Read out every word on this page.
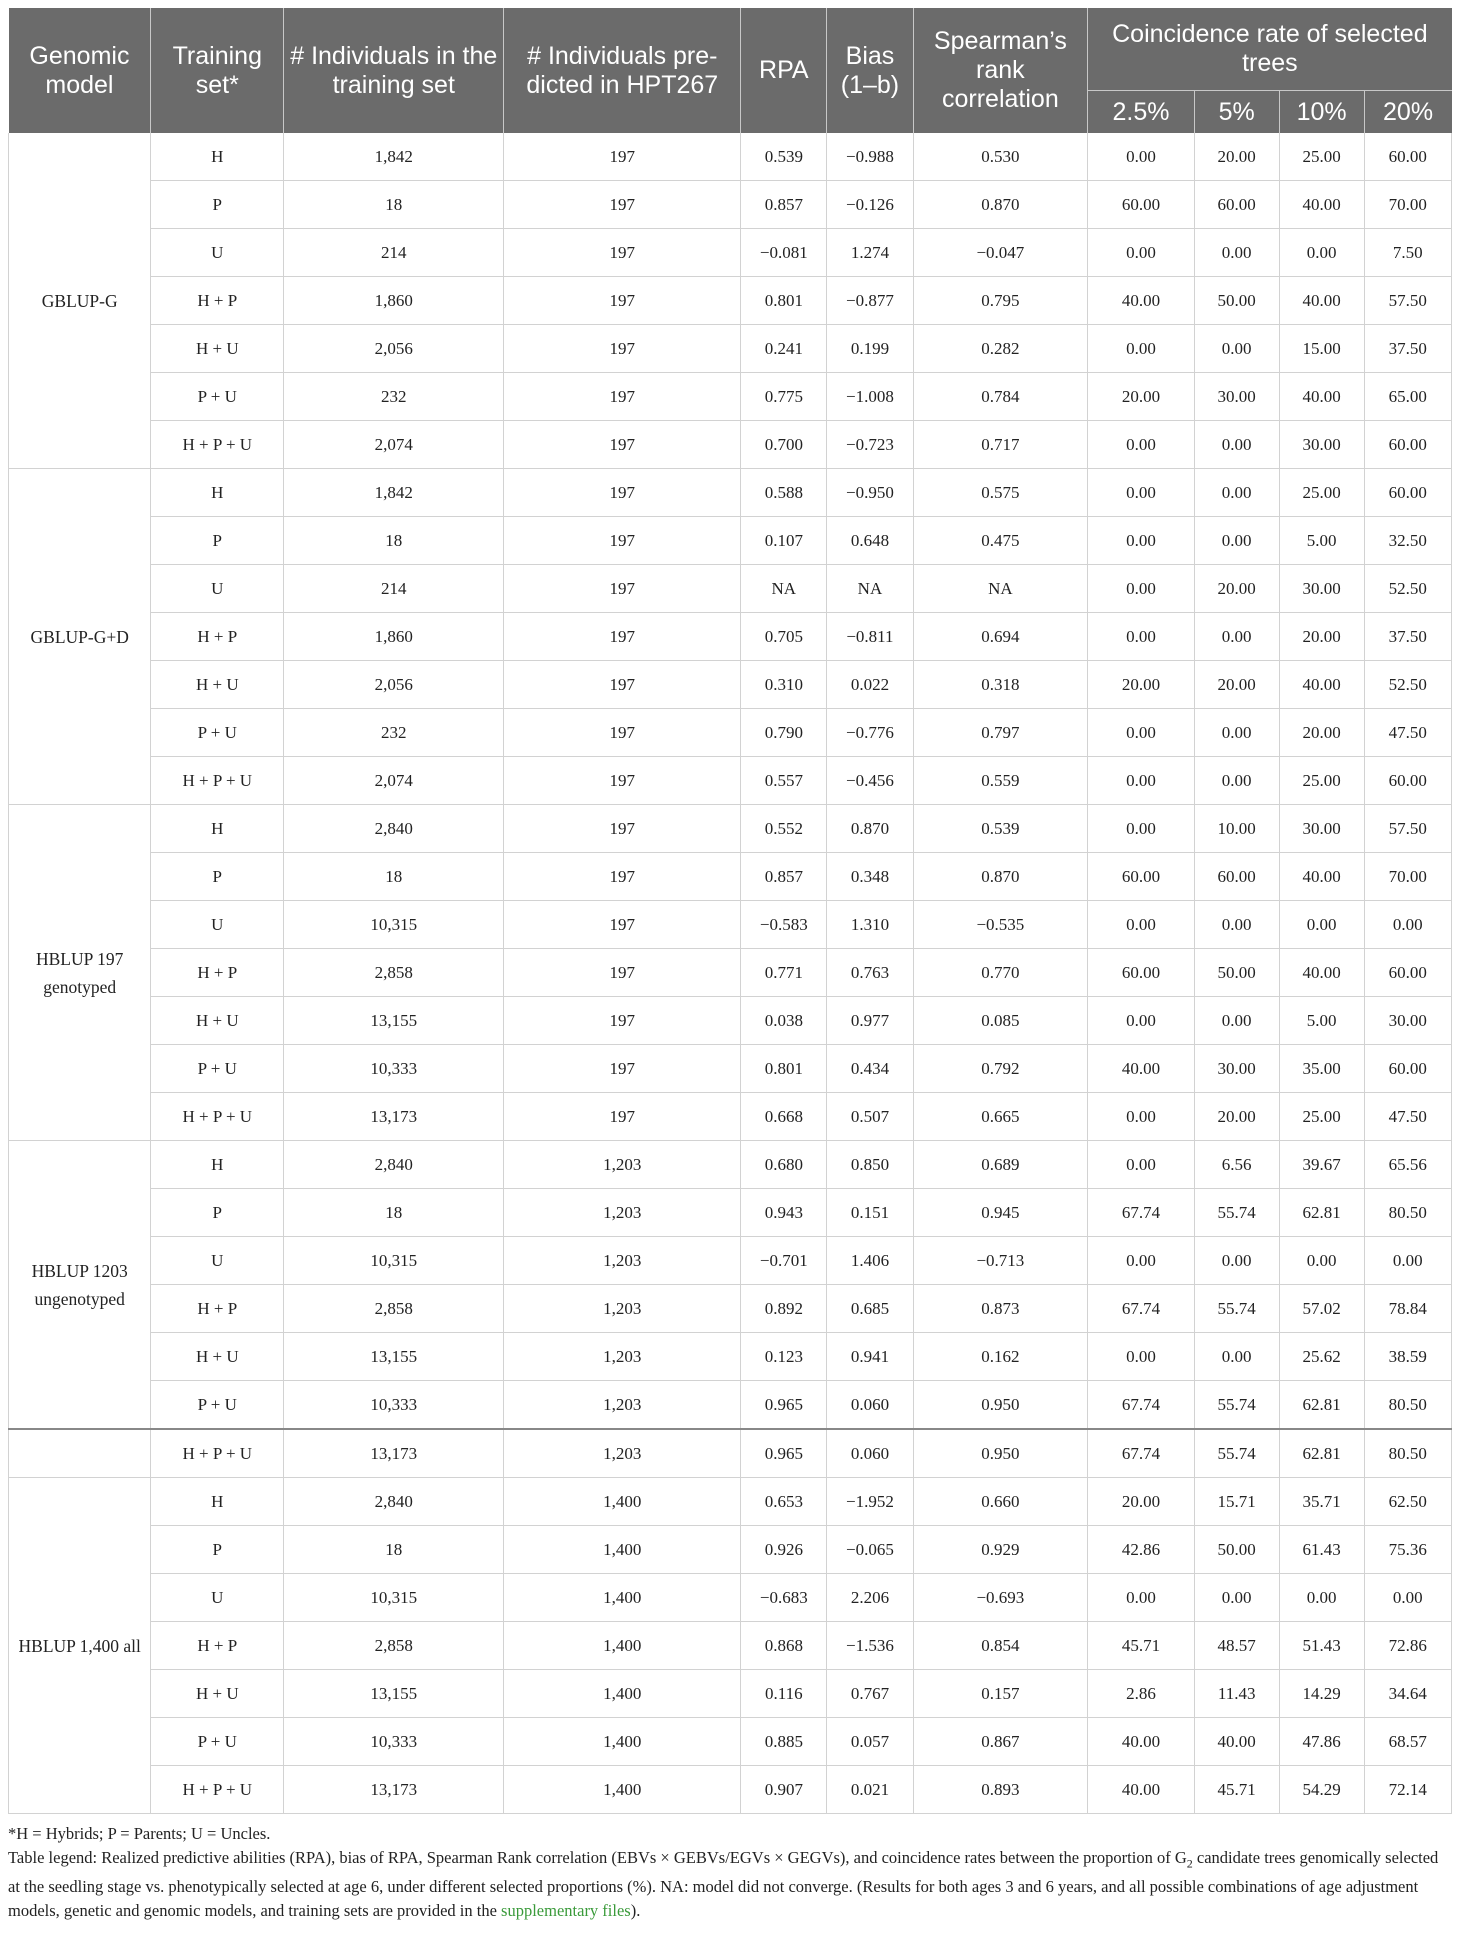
Genomic model	Training set*	# Individuals in the training set	# Individuals pre-dicted in HPT267	RPA	Bias (1–b)	Spearman’s rank correlation	Coincidence rate of selected trees			
							2.5%	5%	10%	20%
GBLUP-G	H	1,842	197	0.539	−0.988	0.530	0.00	20.00	25.00	60.00
	P	18	197	0.857	−0.126	0.870	60.00	60.00	40.00	70.00
	U	214	197	−0.081	1.274	−0.047	0.00	0.00	0.00	7.50
	H + P	1,860	197	0.801	−0.877	0.795	40.00	50.00	40.00	57.50
	H + U	2,056	197	0.241	0.199	0.282	0.00	0.00	15.00	37.50
	P + U	232	197	0.775	−1.008	0.784	20.00	30.00	40.00	65.00
	H + P + U	2,074	197	0.700	−0.723	0.717	0.00	0.00	30.00	60.00
GBLUP-G+D	H	1,842	197	0.588	−0.950	0.575	0.00	0.00	25.00	60.00
	P	18	197	0.107	0.648	0.475	0.00	0.00	5.00	32.50
	U	214	197	NA	NA	NA	0.00	20.00	30.00	52.50
	H + P	1,860	197	0.705	−0.811	0.694	0.00	0.00	20.00	37.50
	H + U	2,056	197	0.310	0.022	0.318	20.00	20.00	40.00	52.50
	P + U	232	197	0.790	−0.776	0.797	0.00	0.00	20.00	47.50
	H + P + U	2,074	197	0.557	−0.456	0.559	0.00	0.00	25.00	60.00
HBLUP 197 genotyped	H	2,840	197	0.552	0.870	0.539	0.00	10.00	30.00	57.50
	P	18	197	0.857	0.348	0.870	60.00	60.00	40.00	70.00
	U	10,315	197	−0.583	1.310	−0.535	0.00	0.00	0.00	0.00
	H + P	2,858	197	0.771	0.763	0.770	60.00	50.00	40.00	60.00
	H + U	13,155	197	0.038	0.977	0.085	0.00	0.00	5.00	30.00
	P + U	10,333	197	0.801	0.434	0.792	40.00	30.00	35.00	60.00
	H + P + U	13,173	197	0.668	0.507	0.665	0.00	20.00	25.00	47.50
HBLUP 1203 ungenotyped	H	2,840	1,203	0.680	0.850	0.689	0.00	6.56	39.67	65.56
	P	18	1,203	0.943	0.151	0.945	67.74	55.74	62.81	80.50
	U	10,315	1,203	−0.701	1.406	−0.713	0.00	0.00	0.00	0.00
	H + P	2,858	1,203	0.892	0.685	0.873	67.74	55.74	57.02	78.84
	H + U	13,155	1,203	0.123	0.941	0.162	0.00	0.00	25.62	38.59
	P + U	10,333	1,203	0.965	0.060	0.950	67.74	55.74	62.81	80.50
	H + P + U	13,173	1,203	0.965	0.060	0.950	67.74	55.74	62.81	80.50
HBLUP 1,400 all	H	2,840	1,400	0.653	−1.952	0.660	20.00	15.71	35.71	62.50
	P	18	1,400	0.926	−0.065	0.929	42.86	50.00	61.43	75.36
	U	10,315	1,400	−0.683	2.206	−0.693	0.00	0.00	0.00	0.00
	H + P	2,858	1,400	0.868	−1.536	0.854	45.71	48.57	51.43	72.86
	H + U	13,155	1,400	0.116	0.767	0.157	2.86	11.43	14.29	34.64
	P + U	10,333	1,400	0.885	0.057	0.867	40.00	40.00	47.86	68.57
	H + P + U	13,173	1,400	0.907	0.021	0.893	40.00	45.71	54.29	72.14

*H = Hybrids; P = Parents; U = Uncles.

Table legend: Realized predictive abilities (RPA), bias of RPA, Spearman Rank correlation (EBVs × GEBVs/EGVs × GEGVs), and coincidence rates between the proportion of $G_2$ candidate trees genomically selected at the seedling stage vs. phenotypically selected at age 6, under different selected proportions (%). NA: model did not converge. (Results for both ages 3 and 6 years, and all possible combinations of age adjustment models, genetic and genomic models, and training sets are provided in the supplementary files).
